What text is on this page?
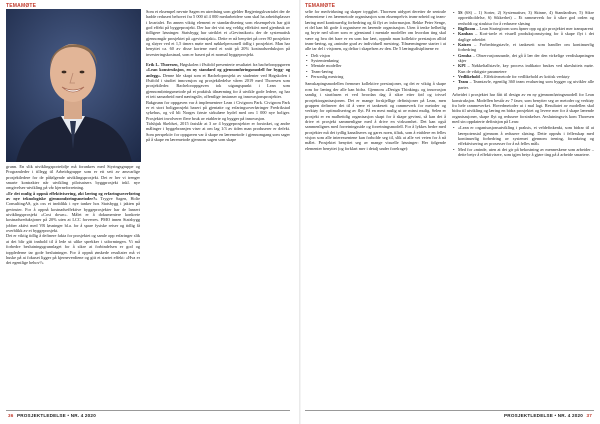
TEMAMØTE	TEMAMØTE

grunn. En slik utviklingsportefølje må forankres med Styringsgruppe og Programleder i tillegg til Arbeidsgruppe som er ett sett av ansvarlige prosjektledere for de påfølgende utviklingsprosjekt. Det er her vi trenger smarte kontrakter når utvikling pilotsatsers byggprosjekt inkl. nye omgivelses-utvikling på vår kjerneforretning.

«Er det mulig å oppnå effektivisering, økt læring og erfaringsoverføring av nye teknologiske gjennomføringsmetoder?» Trygve Sagen, Holte ConsultingAS, gis oss et innblikk i nye tanker hos Statsbygg i jakten på gevinster. For å oppnå kostnadseffektive byggeprosjekter har de lansert utviklingsprosjekt «Cost down». Målet er å dokumentere konkrete kostnadsreduksjoner på 20% uten at LCC forverres. PMO innen Statsbygg jobber aktivt med VR løsninger bl.a. for å spare fysiske reiser og tidlig få overblikk av et byggeprosjekt.

Det er viktig tidlig å definere fakta for prosjektet og samle opp erfaringer slik at det blir gitt innhold til å lede ut ulike sprekker i utformingen. Vi må forbedre beslutningsgrunnlaget for å sikre at forbindelsen er god og topplederne tar gode beslutninger. For å oppnå ønskede resultater må vi huske på at fokuset ligger på kjerneverdiene og gitt et startet effekt: «Hva er det egentlige behov?»

Som et eksempel nevnte Sagen en utredning som gjelder Regjeringskvartalet der de hadde redusert behovet fra 5 000 til 4 000 medarbeidere som skal ha arbeidsplasser i kvartalet. En annen viktig element er standardisering som eksempelvis har gitt god effekt på byggeprosjekt. Der har det vist seg veldig effektivt med gjenbruk av tidligere løsninger. Statsbygg har utviklet et «Gevinstkort» der de systematisk gjennomgår prosjektet på «gevinstsjakt». Dette er nå benyttet på over 80 prosjekter og sløyer ved et 1,5 timers møte med nøkkelpersonell tidlig i prosjektet. Man har benyttet ca. 60 av disse kortene med et snitt på 20% kostnadsreduksjon på investeringskostnad, som er basert på et normal byggeprosjekt.

Erik L. Thoresen, Høgskolen i Østfold presenterte resultatet fra bacheloroppgaven «Lean konstruksjon, en ny standard og gjennomføringsmodell for bygg- og anlegg». Denne ble skapt som et Bacheloprosjekt av studenter ved Høgskolen i Østfold i studiet innovasjon og prosjektledelse våren 2019 med Thoresen som prosjektleder. Bacheloroppgaven tok utgangspunkt i Lean som gjennomføringsmetode på et praktisk tilnærming for å utvikle gode ledere, og har et tett samarbeid med næringsliv, offentlige instanser og innovasjonsprosjekter.

Bakgrunn for oppgaven var å implementere Lean i Civigrom Park. Civigrom Park er et stort boligprosjekt basert på gjentatte og erfaringsoverføringer Fredrikstad sykehus, og vil bli Norges første sirkulære bydel med om 1 000 nye boliger. Prosjektet involverer flere bruk av etablerte og bygger på innovasjon.

Tidshjuk Skeldsei, 2015 fastslår at 3 av 4 byggeprosjekter er forsinket, og andre målinger i byggebransjen viser at om lag 1/3 av tiden man produserer er defekt. Som perspektiv for oppgaven var å skape en læremetode i gjennomgang som sager på å skape en læremetode gjennom sagen som skape

selte for medvirkning og skaper trygghet. Thoresen utdypet deretter de sentrale elementene i en læremetode organisasjon som eksempelvis team-arbeid og team-læring med kontinuerlig forbedring og få flyt av informasjon. Rekke Peter Senge, et del kan bli gode å organisere en lærende organisasjon. Uten å tenke helhetlig og bryte ned siloer som er gjenstand i mentale modeller om hvordan ting skal være og hva det bare er en som har lært, oppnår man kollektiv prestasjon alltid team-læring, og «mindre grad av individuell mestring. Tilnærmingene starter i at alle tar del i visjonen, og deltar i skapelsen av den. De 5 læringsdisiplinene er:

• Delt visjon
• Systemtenkning
• Mentale modeller
• Team-læring
• Personlig mestring

Samskapingsmodellen fremmer kollektive prestasjoner, og det er viktig å skape rom for læring der alle kan bidra. Gjennom «Design Thinking» og innovasjon samlig i startfasen et ved hvordan dag å sikre etter fød og trivsel prosjektorganisasjonen. Det er mange forskjellige definisjoner på Lean, men gruppen definerer det til å være et tankesett og rammeverk for metoder og verktøy for optimalisering av flyt. På en mest mulig ut av minst mulig. Selen er prosjekt er en malbettdig organisasjon skapt for å skape gevinst, så kan det å drive et prosjekt sammenligne med å drive en virksomhet. Det kan også sammenlignes med forretningsside og forretningsmodell. For å lykkes bedre med prosjekter må det tydlig kanaliseres og gares noen, tiltak, som å etablere en felles visjon som alle interessentene kan forholde seg til, slik at alle vet veien for å nå målet. Prosjektet benyttet seg av mange visuelle løsninger: Her følgende elementer benyttet (og forklart mer i detalj under forelrage):

• 5S (6S) – 1) Sorter, 2) Systematiser, 3) Skinne, 4) Standardiser, 5) Sikre opprettholdelse, 6) Sikkerhet) – Et rammeverk for å sikre god orden og renholdt og struktur for å redusere sløsing
• BigRoom – Lean Strategirom som åpner opp og gir prosjektet mer transparent
• Kanban – Kort-tavle et visuell produksjonsstyring for å skape flyt i det daglige arbeidet
• Kaizen – Forbedringstavle, et tankesett som handler om kontinuerlig forbedring
• Gemba – Observasjonsrunde, det gå å lær der den virkelige verdiskapningen skjer
• KPI – Nøkkeltallstavle, key process indikator brukes ved ukesluttets møte. Kun de viktigste parametere
• Vedlikehold – Effektivmetode for vedlikehold av kritisk verktøy
• Team – Teamtavle, egentlig 360 team evaluering som bygger og utvikler alle parter.

Arbeidet i prosjektet har fått til design av en ny gjennomføringsmodell for Lean konstruksjon. Modellen består av 7 faser, som benytter seg av metoder og verktøy fra hele rammeverket. Hovedmetoder ut i mal lagt. Resultatet av modellen skal bidra til utvikling og læring en bidra prosjektet og levere mer for å skape lærende organisasjoner, skape flyt og redusere forsinkelser. Avslutningsvis kom Thoresen med sin oppdaterte definisjon på Lean:

• «Lean er organisasjonsutvikling i praksis, et veldefinkenkt, som bidrar til at lærepotensial gjennom å redusere sløsing. Dette oppnås i fellesskap med kontinuerlig forbedring av systemet gjennom trening, forankring og effektivisering av prosesser for å nå felles mål»
• Med for «minde, uten at det gir på bekostning av menneskene som arbeider – dette betyr å effektivisere, som igjen betyr å gjøre ting på å arbeide smartere.
36 PROSJEKTLEDELSE • NR. 4 2020	PROSJEKTLEDELSE • NR. 4 2020 37
